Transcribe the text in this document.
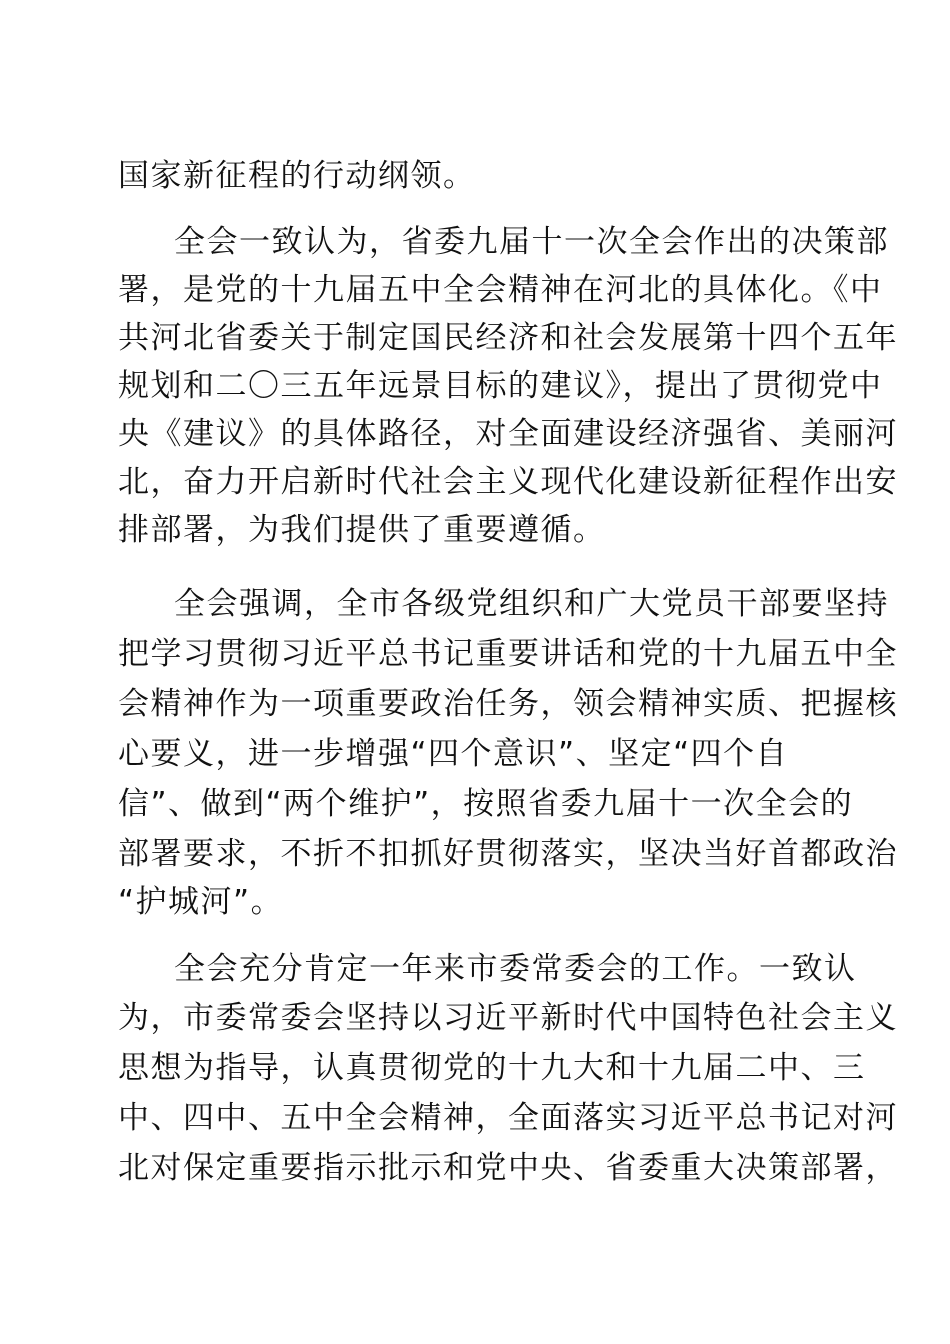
国家新征程的行动纲领。
全会一致认为，省委九届十一次全会作出的决策部
署，是党的十九届五中全会精神在河北的具体化。《中
共河北省委关于制定国民经济和社会发展第十四个五年
规划和二〇三五年远景目标的建议》，提出了贯彻党中
央《建议》的具体路径，对全面建设经济强省、美丽河
北，奋力开启新时代社会主义现代化建设新征程作出安
排部署，为我们提供了重要遵循。
全会强调，全市各级党组织和广大党员干部要坚持
把学习贯彻习近平总书记重要讲话和党的十九届五中全
会精神作为一项重要政治任务，领会精神实质、把握核
心要义，进一步增强“四个意识”、坚定“四个自
信”、做到“两个维护”，按照省委九届十一次全会的
部署要求，不折不扣抓好贯彻落实，坚决当好首都政治
“护城河”。
全会充分肯定一年来市委常委会的工作。一致认
为，市委常委会坚持以习近平新时代中国特色社会主义
思想为指导，认真贯彻党的十九大和十九届二中、三
中、四中、五中全会精神，全面落实习近平总书记对河
北对保定重要指示批示和党中央、省委重大决策部署，
